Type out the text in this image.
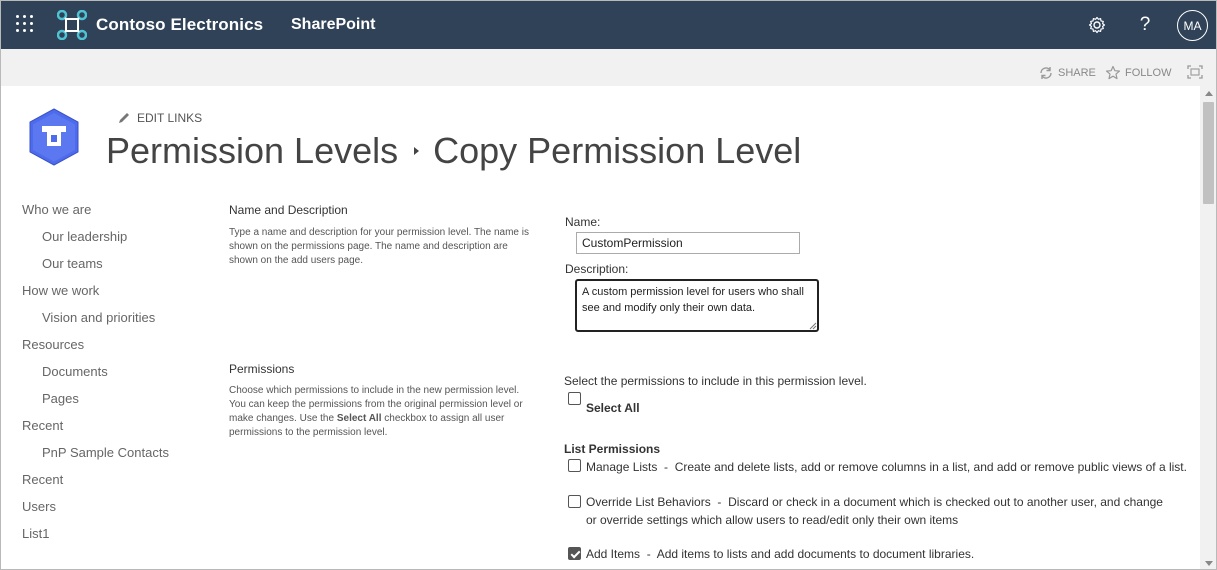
Contoso Electronics SharePoint	?	MA
SHARE	FOLLOW
EDIT LINKS
Permission Levels Copy Permission Level
Who we are
Our leadership
Our teams
How we work
Vision and priorities
Resources
Documents
Pages
Recent
PnP Sample Contacts
Recent
Users
List1
Name and Description
Type a name and description for your permission level. The name is shown on the permissions page. The name and description are shown on the add users page.
Name:
CustomPermission
Description:
A custom permission level for users who shall see and modify only their own data.
Permissions
Choose which permissions to include in the new permission level. You can keep the permissions from the original permission level or make changes. Use the Select All checkbox to assign all user permissions to the permission level.
Select the permissions to include in this permission level.
Select All
List Permissions
Manage Lists  -  Create and delete lists, add or remove columns in a list, and add or remove public views of a list.
Override List Behaviors  -  Discard or check in a document which is checked out to another user, and change or override settings which allow users to read/edit only their own items
Add Items  -  Add items to lists and add documents to document libraries.
